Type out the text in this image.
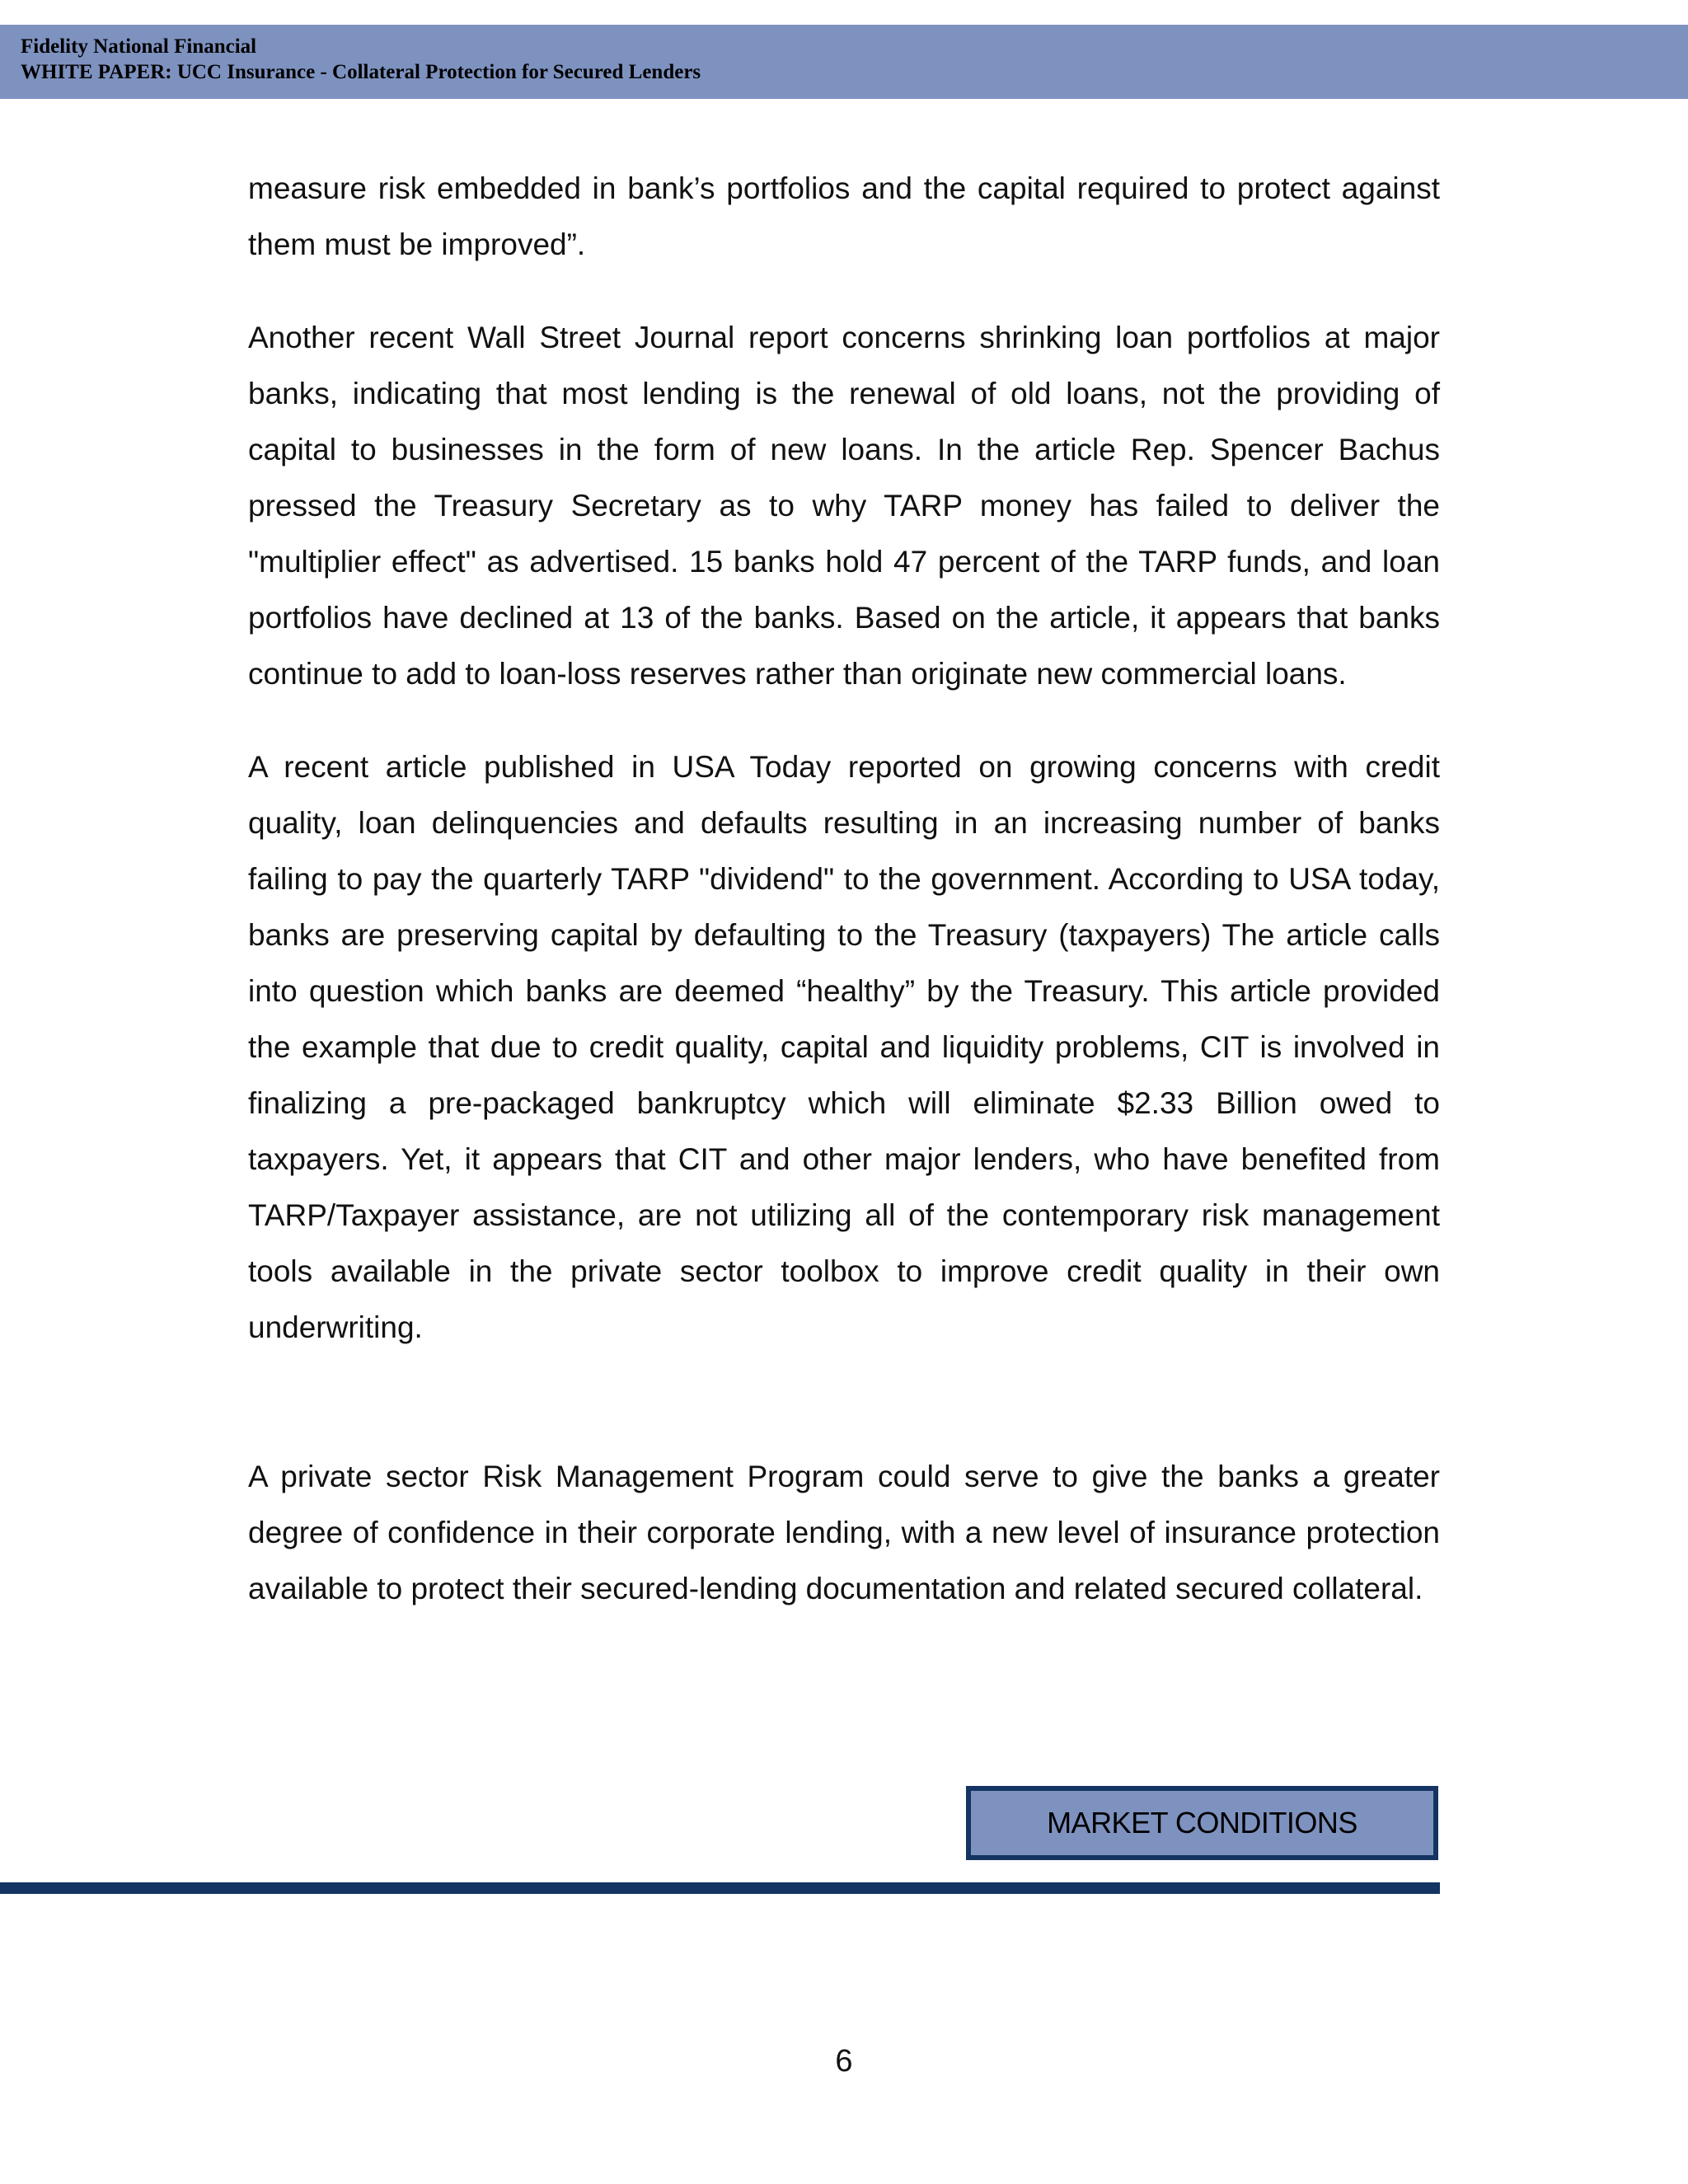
Fidelity National Financial
WHITE PAPER: UCC Insurance - Collateral Protection for Secured Lenders

measure risk embedded in bank’s portfolios and the capital required to protect against them must be improved”.

Another recent Wall Street Journal report concerns shrinking loan portfolios at major banks, indicating that most lending is the renewal of old loans, not the providing of capital to businesses in the form of new loans. In the article Rep. Spencer Bachus pressed the Treasury Secretary as to why TARP money has failed to deliver the "multiplier effect" as advertised. 15 banks hold 47 percent of the TARP funds, and loan portfolios have declined at 13 of the banks. Based on the article, it appears that banks continue to add to loan-loss reserves rather than originate new commercial loans.

A recent article published in USA Today reported on growing concerns with credit quality, loan delinquencies and defaults resulting in an increasing number of banks failing to pay the quarterly TARP "dividend" to the government. According to USA today, banks are preserving capital by defaulting to the Treasury (taxpayers) The article calls into question which banks are deemed “healthy” by the Treasury. This article provided the example that due to credit quality, capital and liquidity problems, CIT is involved in finalizing a pre-packaged bankruptcy which will eliminate $2.33 Billion owed to taxpayers. Yet, it appears that CIT and other major lenders, who have benefited from TARP/Taxpayer assistance, are not utilizing all of the contemporary risk management tools available in the private sector toolbox to improve credit quality in their own underwriting.

A private sector Risk Management Program could serve to give the banks a greater degree of confidence in their corporate lending, with a new level of insurance protection available to protect their secured-lending documentation and related secured collateral.

MARKET CONDITIONS
6
